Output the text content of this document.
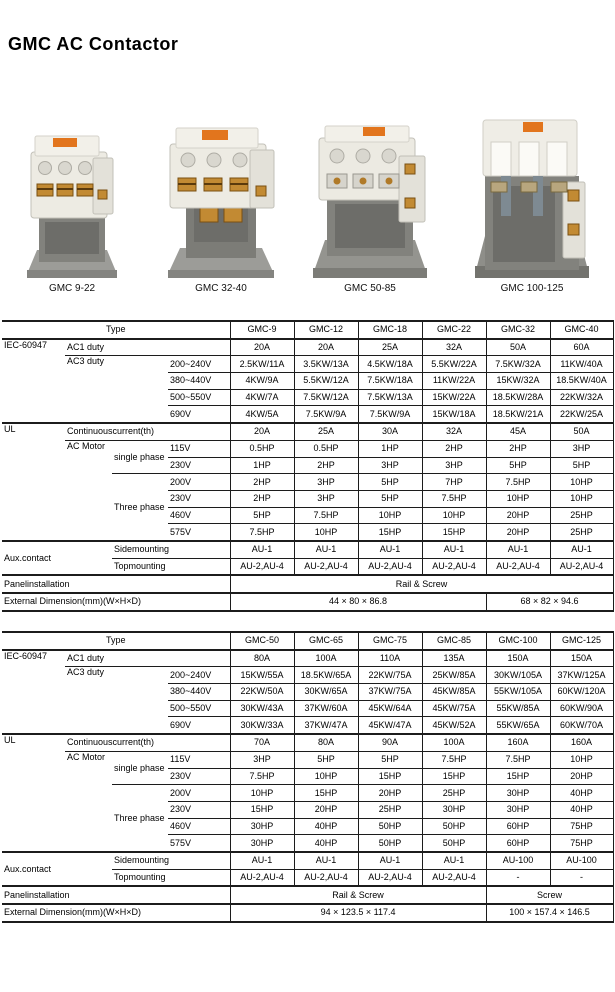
GMC AC Contactor
GMC 9-22	GMC 32-40	GMC 50-85	GMC 100-125
Type				GMC-9	GMC-12	GMC-18	GMC-22	GMC-32	GMC-40
IEC-60947	AC1 duty			20A	20A	25A	32A	50A	60A
	AC3 duty		200~240V	2.5KW/11A	3.5KW/13A	4.5KW/18A	5.5KW/22A	7.5KW/32A	11KW/40A
			380~440V	4KW/9A	5.5KW/12A	7.5KW/18A	11KW/22A	15KW/32A	18.5KW/40A
			500~550V	4KW/7A	7.5KW/12A	7.5KW/13A	15KW/22A	18.5KW/28A	22KW/32A
			690V	4KW/5A	7.5KW/9A	7.5KW/9A	15KW/18A	18.5KW/21A	22KW/25A
UL	Continuouscurrent(th)			20A	25A	30A	32A	45A	50A
	AC Motor	single phase	115V	0.5HP	0.5HP	1HP	2HP	2HP	3HP
			230V	1HP	2HP	3HP	3HP	5HP	5HP
		Three phase	200V	2HP	3HP	5HP	7HP	7.5HP	10HP
			230V	2HP	3HP	5HP	7.5HP	10HP	10HP
			460V	5HP	7.5HP	10HP	10HP	20HP	25HP
			575V	7.5HP	10HP	15HP	15HP	20HP	25HP
Aux.contact		Sidemounting		AU-1	AU-1	AU-1	AU-1	AU-1	AU-1
		Topmounting		AU-2,AU-4	AU-2,AU-4	AU-2,AU-4	AU-2,AU-4	AU-2,AU-4	AU-2,AU-4
Panelinstallation				Rail & Screw					
External Dimension(mm)(W×H×D)				44 × 80 × 86.8				68 × 82 × 94.6	
Type				GMC-50	GMC-65	GMC-75	GMC-85	GMC-100	GMC-125
IEC-60947	AC1 duty			80A	100A	110A	135A	150A	150A
	AC3 duty		200~240V	15KW/55A	18.5KW/65A	22KW/75A	25KW/85A	30KW/105A	37KW/125A
			380~440V	22KW/50A	30KW/65A	37KW/75A	45KW/85A	55KW/105A	60KW/120A
			500~550V	30KW/43A	37KW/60A	45KW/64A	45KW/75A	55KW/85A	60KW/90A
			690V	30KW/33A	37KW/47A	45KW/47A	45KW/52A	55KW/65A	60KW/70A
UL	Continuouscurrent(th)			70A	80A	90A	100A	160A	160A
	AC Motor	single phase	115V	3HP	5HP	5HP	7.5HP	7.5HP	10HP
			230V	7.5HP	10HP	15HP	15HP	15HP	20HP
		Three phase	200V	10HP	15HP	20HP	25HP	30HP	40HP
			230V	15HP	20HP	25HP	30HP	30HP	40HP
			460V	30HP	40HP	50HP	50HP	60HP	75HP
			575V	30HP	40HP	50HP	50HP	60HP	75HP
Aux.contact		Sidemounting		AU-1	AU-1	AU-1	AU-1	AU-100	AU-100
		Topmounting		AU-2,AU-4	AU-2,AU-4	AU-2,AU-4	AU-2,AU-4	-	-
Panelinstallation				Rail & Screw				Screw	
External Dimension(mm)(W×H×D)				94 × 123.5 × 117.4				100 × 157.4 × 146.5	
